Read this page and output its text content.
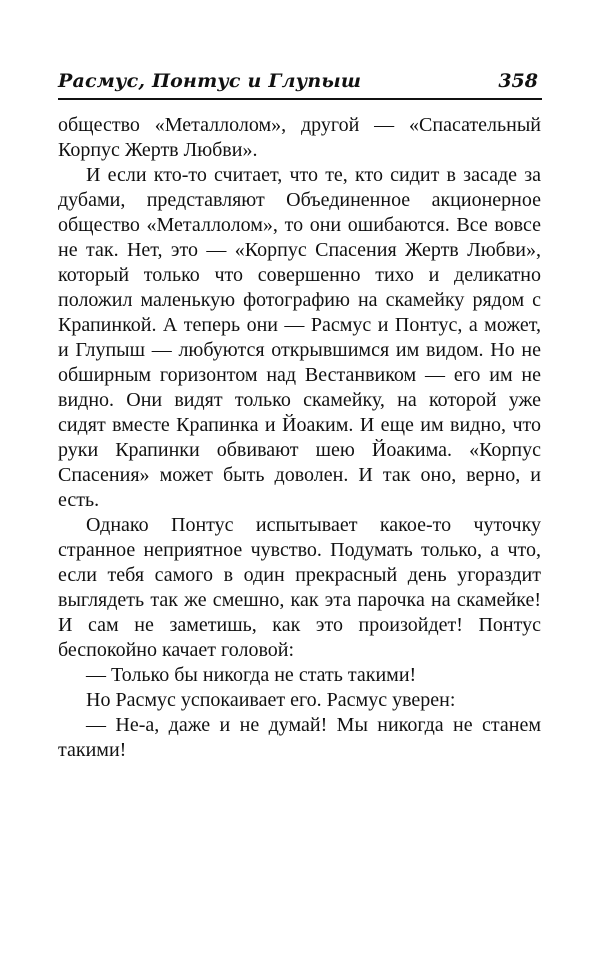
Расмус, Понтус и Глупыш	358

общество «Металлолом», другой — «Спасательный Корпус Жертв Любви».

И если кто-то считает, что те, кто сидит в засаде за дубами, представляют Объединенное акционерное общество «Металлолом», то они ошибаются. Все вовсе не так. Нет, это — «Корпус Спасения Жертв Любви», который только что совершенно тихо и деликатно положил маленькую фотографию на скамейку рядом с Крапинкой. А теперь они — Расмус и Понтус, а может, и Глупыш — любуются открывшимся им видом. Но не обширным горизонтом над Вестанвиком — его им не видно. Они видят только скамейку, на которой уже сидят вместе Крапинка и Йоаким. И еще им видно, что руки Крапинки обвивают шею Йоакима. «Корпус Спасения» может быть доволен. И так оно, верно, и есть.

Однако Понтус испытывает какое-то чуточку странное неприятное чувство. Подумать только, а что, если тебя самого в один прекрасный день угораздит выглядеть так же смешно, как эта парочка на скамейке! И сам не заметишь, как это произойдет! Понтус беспокойно качает головой:

— Только бы никогда не стать такими!

Но Расмус успокаивает его. Расмус уверен:

— Не-а, даже и не думай! Мы никогда не станем такими!
